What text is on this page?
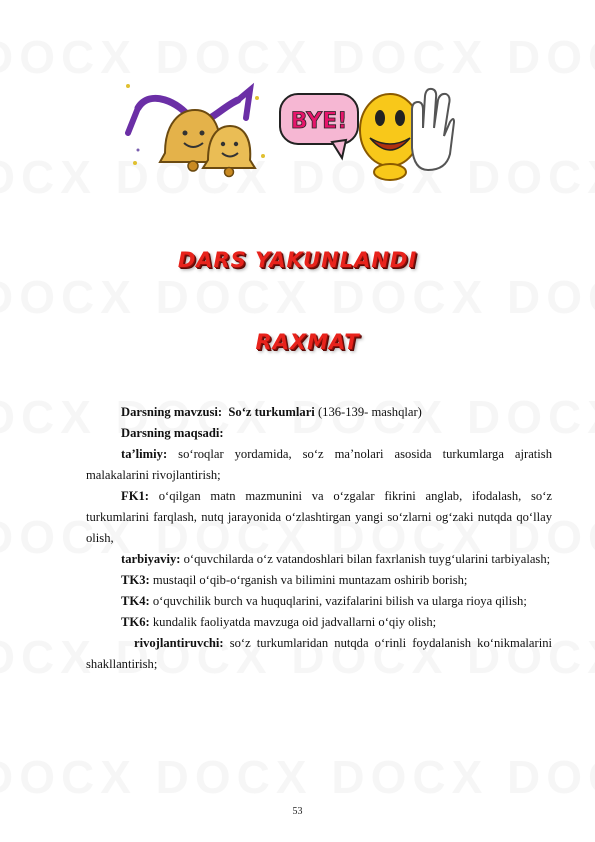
BYE!
DARS YAKUNLANDI
RAXMAT

Darsning mavzusi: So‘z turkumlari (136-139- mashqlar)

Darsning maqsadi:

ta’limiy: so‘roqlar yordamida, so‘z ma’nolari asosida turkumlarga ajratish malakalarini rivojlantirish;

FK1: o‘qilgan matn mazmunini va o‘zgalar fikrini anglab, ifodalash, so‘z turkumlarini farqlash, nutq jarayonida o‘zlashtirgan yangi so‘zlarni og‘zaki nutqda qo‘llay olish,

tarbiyaviy: o‘quvchilarda o‘z vatandoshlari bilan faxrlanish tuyg‘ularini tarbiyalash;

TK3: mustaqil o‘qib-o‘rganish va bilimini muntazam oshirib borish;

TK4: o‘quvchilik burch va huquqlarini, vazifalarini bilish va ularga rioya qilish;

TK6: kundalik faoliyatda mavzuga oid jadvallarni o‘qiy olish;

rivojlantiruvchi: so‘z turkumlaridan nutqda o‘rinli foydalanish ko‘nikmalarini shakllantirish;

53
